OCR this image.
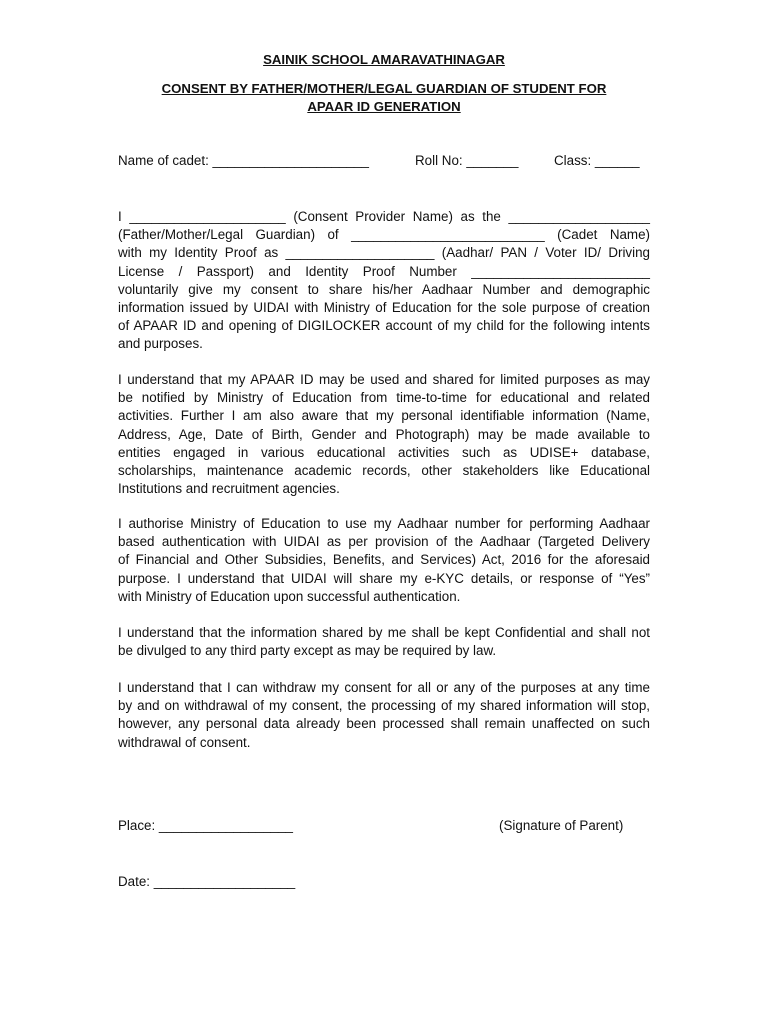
SAINIK SCHOOL AMARAVATHINAGAR
CONSENT BY FATHER/MOTHER/LEGAL GUARDIAN OF STUDENT FOR
APAAR ID GENERATION
Name of cadet: _____________________	Roll No: _______	Class: ______
I _____________________ (Consent Provider Name) as the ___________________
(Father/Mother/Legal Guardian) of __________________________ (Cadet Name)
with my Identity Proof as ____________________ (Aadhar/ PAN / Voter ID/ Driving
License / Passport) and Identity Proof Number ________________________
voluntarily give my consent to share his/her Aadhaar Number and demographic
information issued by UIDAI with Ministry of Education for the sole purpose of creation
of APAAR ID and opening of DIGILOCKER account of my child for the following intents
and purposes.
I understand that my APAAR ID may be used and shared for limited purposes as may
be notified by Ministry of Education from time-to-time for educational and related
activities. Further I am also aware that my personal identifiable information (Name,
Address, Age, Date of Birth, Gender and Photograph) may be made available to
entities engaged in various educational activities such as UDISE+ database,
scholarships, maintenance academic records, other stakeholders like Educational
Institutions and recruitment agencies.
I authorise Ministry of Education to use my Aadhaar number for performing Aadhaar
based authentication with UIDAI as per provision of the Aadhaar (Targeted Delivery
of Financial and Other Subsidies, Benefits, and Services) Act, 2016 for the aforesaid
purpose. I understand that UIDAI will share my e-KYC details, or response of “Yes”
with Ministry of Education upon successful authentication.
I understand that the information shared by me shall be kept Confidential and shall not
be divulged to any third party except as may be required by law.
I understand that I can withdraw my consent for all or any of the purposes at any time
by and on withdrawal of my consent, the processing of my shared information will stop,
however, any personal data already been processed shall remain unaffected on such
withdrawal of consent.
Place: __________________	(Signature of Parent)
Date: ___________________
